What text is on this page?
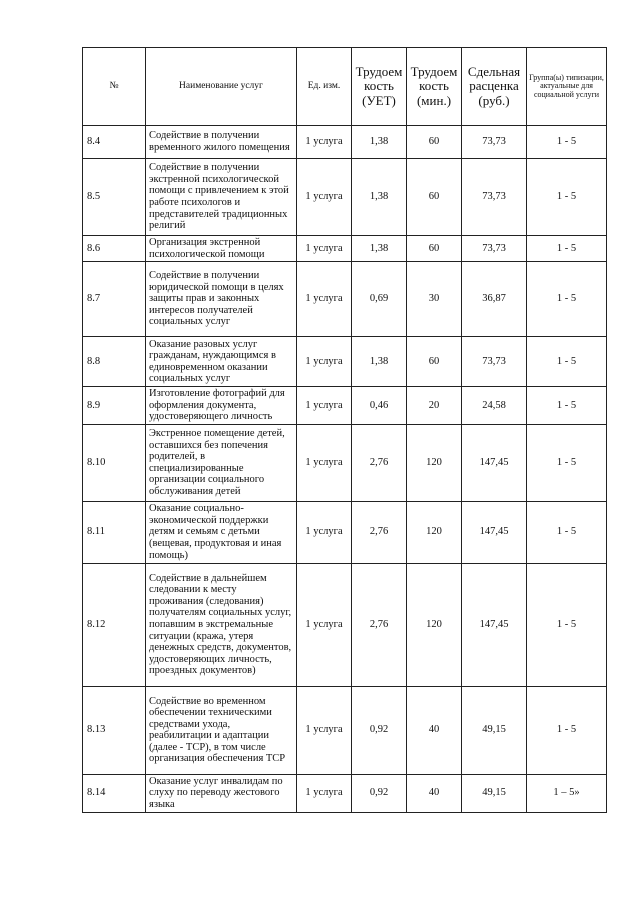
№	Наименование услуг	Ед. изм.	Трудоем кость (УЕТ)	Трудоем кость (мин.)	Сдельная расценка (руб.)	Группа(ы) типизации, актуальные для социальной услуги
8.4	Содействие в получении временного жилого помещения	1 услуга	1,38	60	73,73	1 - 5
8.5	Содействие в получении экстренной психологической помощи с привлечением к этой работе психологов и представителей традиционных религий	1 услуга	1,38	60	73,73	1 - 5
8.6	Организация экстренной психологической помощи	1 услуга	1,38	60	73,73	1 - 5
8.7	Содействие в получении юридической помощи в целях защиты прав и законных интересов получателей социальных услуг	1 услуга	0,69	30	36,87	1 - 5
8.8	Оказание разовых услуг гражданам, нуждающимся в единовременном оказании социальных услуг	1 услуга	1,38	60	73,73	1 - 5
8.9	Изготовление фотографий для оформления документа, удостоверяющего личность	1 услуга	0,46	20	24,58	1 - 5
8.10	Экстренное помещение детей, оставшихся без попечения родителей, в специализированные организации социального обслуживания детей	1 услуга	2,76	120	147,45	1 - 5
8.11	Оказание социально-экономической поддержки детям и семьям с детьми (вещевая, продуктовая и иная помощь)	1 услуга	2,76	120	147,45	1 - 5
8.12	Содействие в дальнейшем следовании к месту проживания (следования) получателям социальных услуг, попавшим в экстремальные ситуации (кража, утеря денежных средств, документов, удостоверяющих личность, проездных документов)	1 услуга	2,76	120	147,45	1 - 5
8.13	Содействие во временном обеспечении техническими средствами ухода, реабилитации и адаптации (далее - ТСР), в том числе организация обеспечения ТСР	1 услуга	0,92	40	49,15	1 - 5
8.14	Оказание услуг инвалидам по слуху по переводу жестового языка	1 услуга	0,92	40	49,15	1 – 5»
